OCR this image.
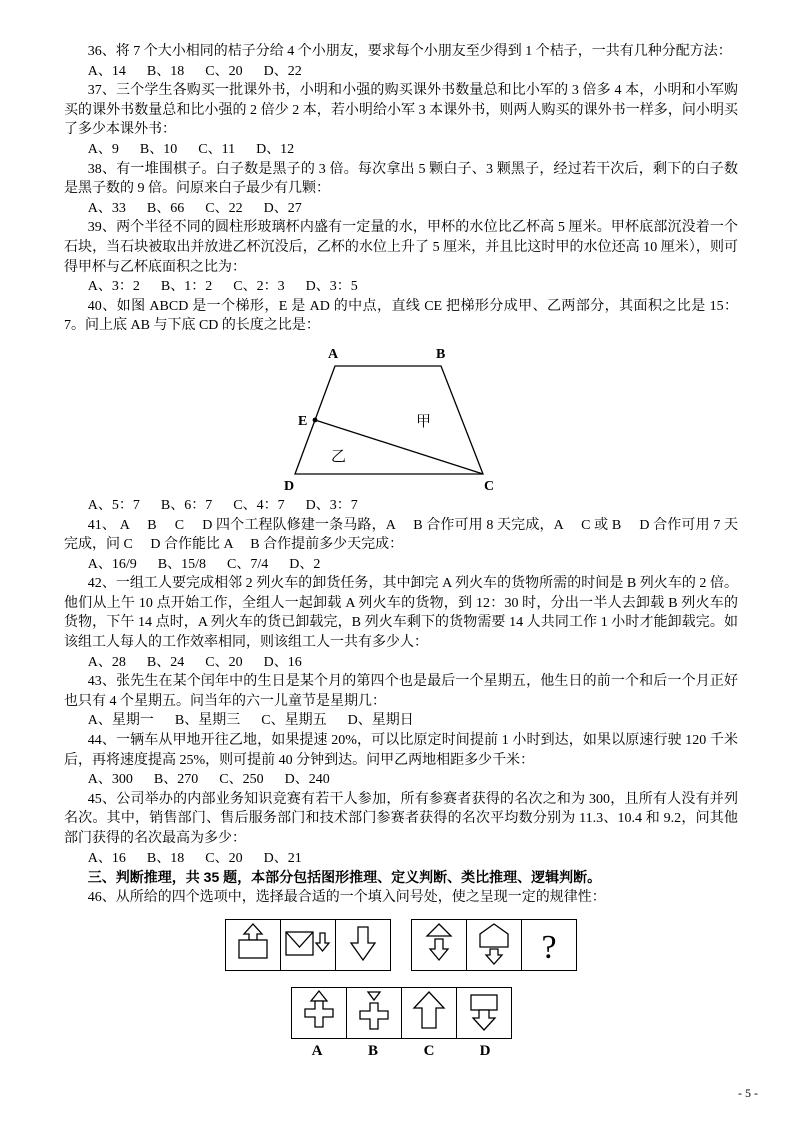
36、将 7 个大小相同的桔子分给 4 个小朋友，要求每个小朋友至少得到 1 个桔子，一共有几种分配方法：

A、14      B、18      C、20      D、22

37、三个学生各购买一批课外书，小明和小强的购买课外书数量总和比小军的 3 倍多 4 本，小明和小军购买的课外书数量总和比小强的 2 倍少 2 本，若小明给小军 3 本课外书，则两人购买的课外书一样多，问小明买了多少本课外书：

A、9      B、10      C、11      D、12

38、有一堆围棋子。白子数是黑子的 3 倍。每次拿出 5 颗白子、3 颗黑子，经过若干次后，剩下的白子数是黑子数的 9 倍。问原来白子最少有几颗：

A、33      B、66      C、22      D、27

39、两个半径不同的圆柱形玻璃杯内盛有一定量的水，甲杯的水位比乙杯高 5 厘米。甲杯底部沉没着一个石块，当石块被取出并放进乙杯沉没后，乙杯的水位上升了 5 厘米，并且比这时甲的水位还高 10 厘米），则可得甲杯与乙杯底面积之比为：

A、3：2      B、1：2      C、2：3      D、3：5

40、如图 ABCD 是一个梯形，E 是 AD 的中点，直线 CE 把梯形分成甲、乙两部分，其面积之比是 15：7。问上底 AB 与下底 CD 的长度之比是：

A	B
C
D
E	甲
乙

A、5：7      B、6：7      C、4：7      D、3：7

41、 A     B     C     D 四个工程队修建一条马路，A     B 合作可用 8 天完成，A     C 或 B     D 合作可用 7 天完成，问 C     D 合作能比 A     B 合作提前多少天完成：

A、16/9      B、15/8      C、7/4      D、2

42、一组工人要完成相邻 2 列火车的卸货任务，其中卸完 A 列火车的货物所需的时间是 B 列火车的 2 倍。他们从上午 10 点开始工作，全组人一起卸载 A 列火车的货物，到 12：30 时，分出一半人去卸载 B 列火车的货物，下午 14 点时，A 列火车的货已卸载完，B 列火车剩下的货物需要 14 人共同工作 1 小时才能卸载完。如该组工人每人的工作效率相同，则该组工人一共有多少人：

A、28      B、24      C、20      D、16

43、张先生在某个闰年中的生日是某个月的第四个也是最后一个星期五，他生日的前一个和后一个月正好也只有 4 个星期五。问当年的六一儿童节是星期几：

A、星期一      B、星期三      C、星期五      D、星期日

44、一辆车从甲地开往乙地，如果提速 20%，可以比原定时间提前 1 小时到达，如果以原速行驶 120 千米后，再将速度提高 25%，则可提前 40 分钟到达。问甲乙两地相距多少千米：

A、300      B、270      C、250      D、240

45、公司举办的内部业务知识竞赛有若干人参加，所有参赛者获得的名次之和为 300，且所有人没有并列名次。其中，销售部门、售后服务部门和技术部门参赛者获得的名次平均数分别为 11.3、10.4 和 9.2，问其他部门获得的名次最高为多少：

A、16      B、18      C、20      D、21

三、判断推理，共 35 题，本部分包括图形推理、定义判断、类比推理、逻辑判断。

46、从所给的四个选项中，选择最合适的一个填入问号处，使之呈现一定的规律性：

?
A	B	C	D
- 5 -
